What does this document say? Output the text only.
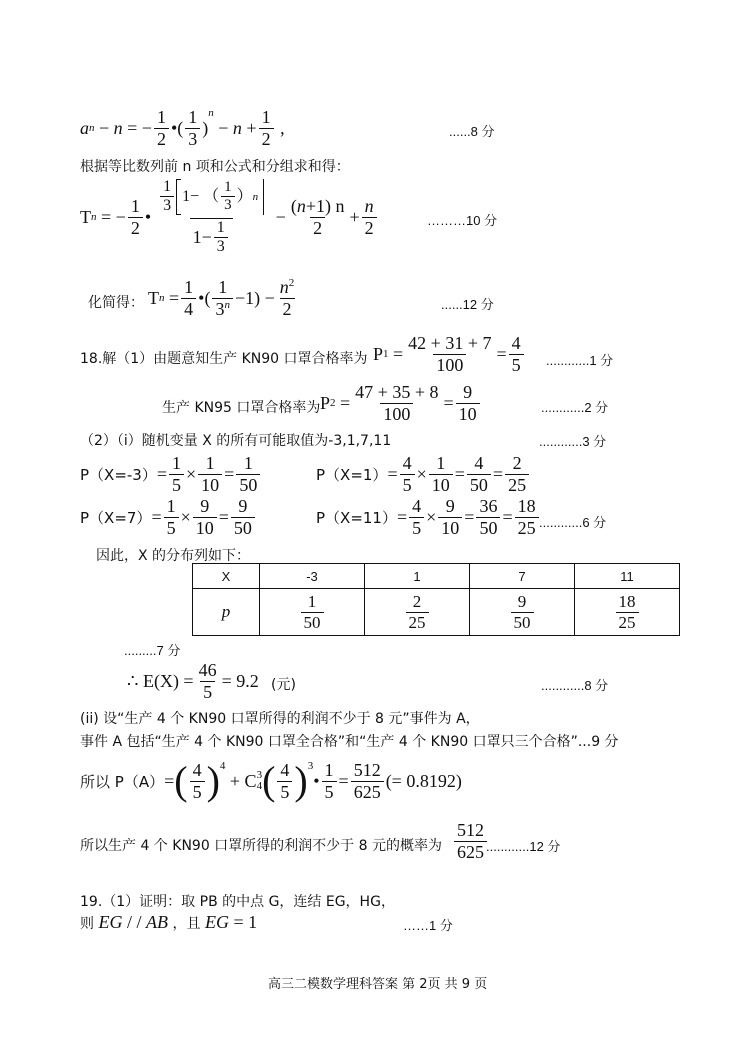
a n − n = − $\frac{1}{2}$ •( $\frac{1}{3}$ )
$^n$
− $n + \frac{1}{2}$ ,	......8 分
根据等比数列前 n 项和公式和分组求和得：
T n = − $\frac{1}{2}$ • $\frac{\frac{1}{3} 1- ( \frac{1}{3} ) n}{1- \frac{1}{3}} - \frac{(n+1) n}{2} + \frac{n}{2}$	………10 分
化简得： T $n = \frac{1}{4}$ •( $\frac{1}{3^n} -1) - \frac{n^2}{2}$	......12 分
18.解（1）由题意知生产 KN90 口罩合格率为 P $1 = \frac{42 + 31 + 7}{100} = \frac{4}{5} ............1$ 分
生产 KN95 口罩合格率为 P $2 = \frac{47 + 35 + 8}{100} = \frac{9}{10}$	............2 分
（2）（i）随机变量 X 的所有可能取值为-3,1,7,11	............3 分
$P(X=-3) = \frac{1}{5} \times \frac{1}{10} = \frac{1}{50}$	$P(X=1) = \frac{4}{5} \times \frac{1}{10} = \frac{4}{50} = \frac{2}{25}$
$P(X=7) = \frac{1}{5} \times \frac{9}{10} = \frac{9}{50}$	$P(X=11) = \frac{4}{5} \times \frac{9}{10} = \frac{36}{50} = \frac{18}{25} ............6$ 分
因此，X 的分布列如下：
X	-3	1	7	11
p	$\frac{1}{50}$	$\frac{2}{25}$	$\frac{9}{50}$	$\frac{18}{25}$
.........7 分
∴ $E(X) = \frac{46}{5} = 9.2$ (元)	............8 分
(ii) 设“生产 4 个 KN90 口罩所得的利润不少于 8 元”事件为 A，
事件 A 包括“生产 4 个 KN90 口罩全合格”和“生产 4 个 KN90 口罩只三个合格”...9 分
所以 P（A） = ( $\frac{4}{5} )^4$
+ C 3
4 ( $\frac{4}{5} )^3$
• $\frac{1}{5} = \frac{512}{625}$ (= 0.8192)
所以生产 4 个 KN90 口罩所得的利润不少于 8 元的概率为 $\frac{512}{625} ............12$ 分
19.（1）证明：取 PB 的中点 G，连结 EG，HG，
则
EG / / AB
，且
EG = 1	……1 分
高三二模数学理科答案 第 2页 共 9 页
